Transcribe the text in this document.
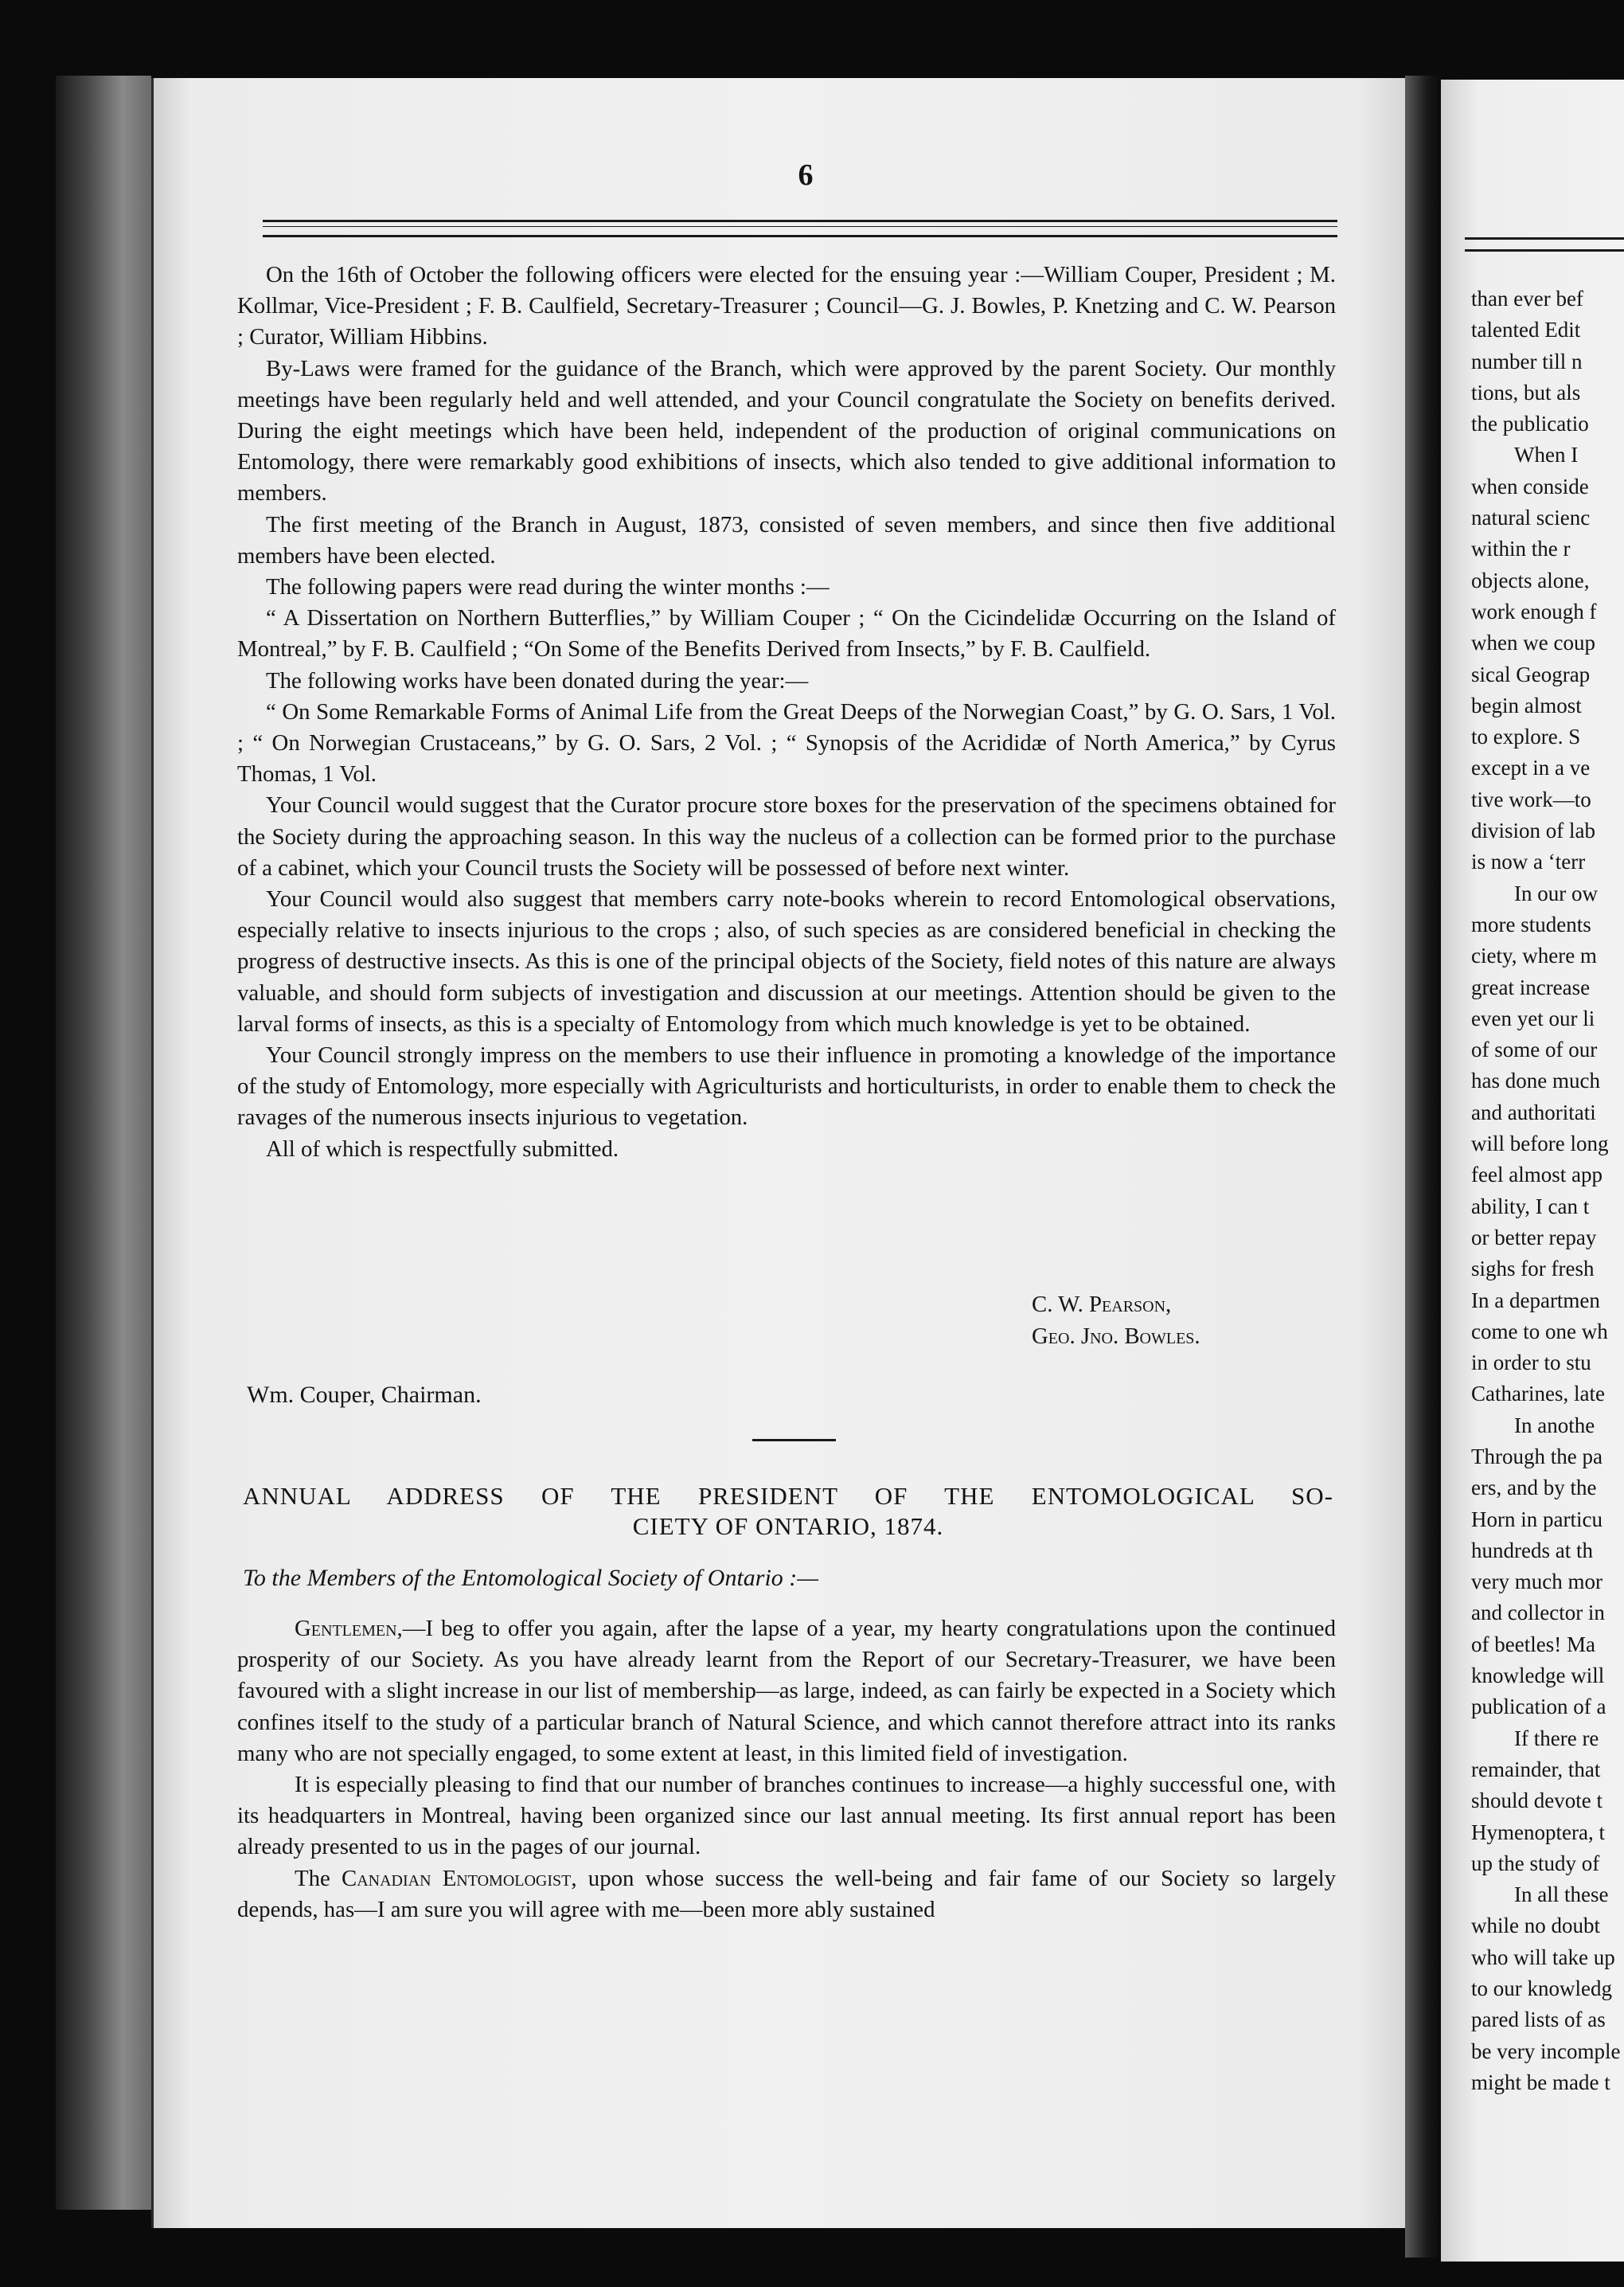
than ever bef
talented Edit
number till n
tions, but als
the publicatio
When I
when conside
natural scienc
within the r
objects alone,
work enough f
when we coup
sical Geograp
begin almost
to explore. S
except in a ve
tive work—to
division of lab
is now a ‘terr
In our ow
more students
ciety, where m
great increase
even yet our li
of some of our
has done much
and authoritati
will before long
feel almost app
ability, I can t
or better repay
sighs for fresh
In a departmen
come to one wh
in order to stu
Catharines, late
In anothe
Through the pa
ers, and by the
Horn in particu
hundreds at th
very much mor
and collector in
of beetles! Ma
knowledge will
publication of a
If there re
remainder, that
should devote t
Hymenoptera, t
up the study of
In all these
while no doubt
who will take up
to our knowledg
pared lists of as
be very incomple
might be made t
6

On the 16th of October the following officers were elected for the ensuing year :—William Couper, President ; M. Kollmar, Vice-President ; F. B. Caulfield, Secretary-Treasurer ; Council—G. J. Bowles, P. Knetzing and C. W. Pearson ; Curator, William Hibbins.

By-Laws were framed for the guidance of the Branch, which were approved by the parent Society. Our monthly meetings have been regularly held and well attended, and your Council congratulate the Society on benefits derived. During the eight meetings which have been held, independent of the production of original communications on Entomology, there were remarkably good exhibitions of insects, which also tended to give additional information to members.

The first meeting of the Branch in August, 1873, consisted of seven members, and since then five additional members have been elected.

The following papers were read during the winter months :—

“ A Dissertation on Northern Butterflies,” by William Couper ; “ On the Cicindelidæ Occurring on the Island of Montreal,” by F. B. Caulfield ; “On Some of the Benefits Derived from Insects,” by F. B. Caulfield.

The following works have been donated during the year:—

“ On Some Remarkable Forms of Animal Life from the Great Deeps of the Norwegian Coast,” by G. O. Sars, 1 Vol. ; “ On Norwegian Crustaceans,” by G. O. Sars, 2 Vol. ; “ Synopsis of the Acrididæ of North America,” by Cyrus Thomas, 1 Vol.

Your Council would suggest that the Curator procure store boxes for the preservation of the specimens obtained for the Society during the approaching season. In this way the nucleus of a collection can be formed prior to the purchase of a cabinet, which your Council trusts the Society will be possessed of before next winter.

Your Council would also suggest that members carry note-books wherein to record Entomological observations, especially relative to insects injurious to the crops ; also, of such species as are considered beneficial in checking the progress of destructive insects. As this is one of the principal objects of the Society, field notes of this nature are always valuable, and should form subjects of investigation and discussion at our meetings. Attention should be given to the larval forms of insects, as this is a specialty of Entomology from which much knowledge is yet to be obtained.

Your Council strongly impress on the members to use their influence in promoting a knowledge of the importance of the study of Entomology, more especially with Agriculturists and horticulturists, in order to enable them to check the ravages of the numerous insects injurious to vegetation.

All of which is respectfully submitted.

C. W. Pearson,
Geo. Jno. Bowles.
Wm. Couper, Chairman.
ANNUAL ADDRESS OF THE PRESIDENT OF THE ENTOMOLOGICAL SO-
CIETY OF ONTARIO, 1874.
To the Members of the Entomological Society of Ontario :—

Gentlemen,—I beg to offer you again, after the lapse of a year, my hearty congratulations upon the continued prosperity of our Society. As you have already learnt from the Report of our Secretary-Treasurer, we have been favoured with a slight increase in our list of membership—as large, indeed, as can fairly be expected in a Society which confines itself to the study of a particular branch of Natural Science, and which cannot therefore attract into its ranks many who are not specially engaged, to some extent at least, in this limited field of investigation.

It is especially pleasing to find that our number of branches continues to increase—a highly successful one, with its headquarters in Montreal, having been organized since our last annual meeting. Its first annual report has been already presented to us in the pages of our journal.

The Canadian Entomologist, upon whose success the well-being and fair fame of our Society so largely depends, has—I am sure you will agree with me—been more ably sustained
